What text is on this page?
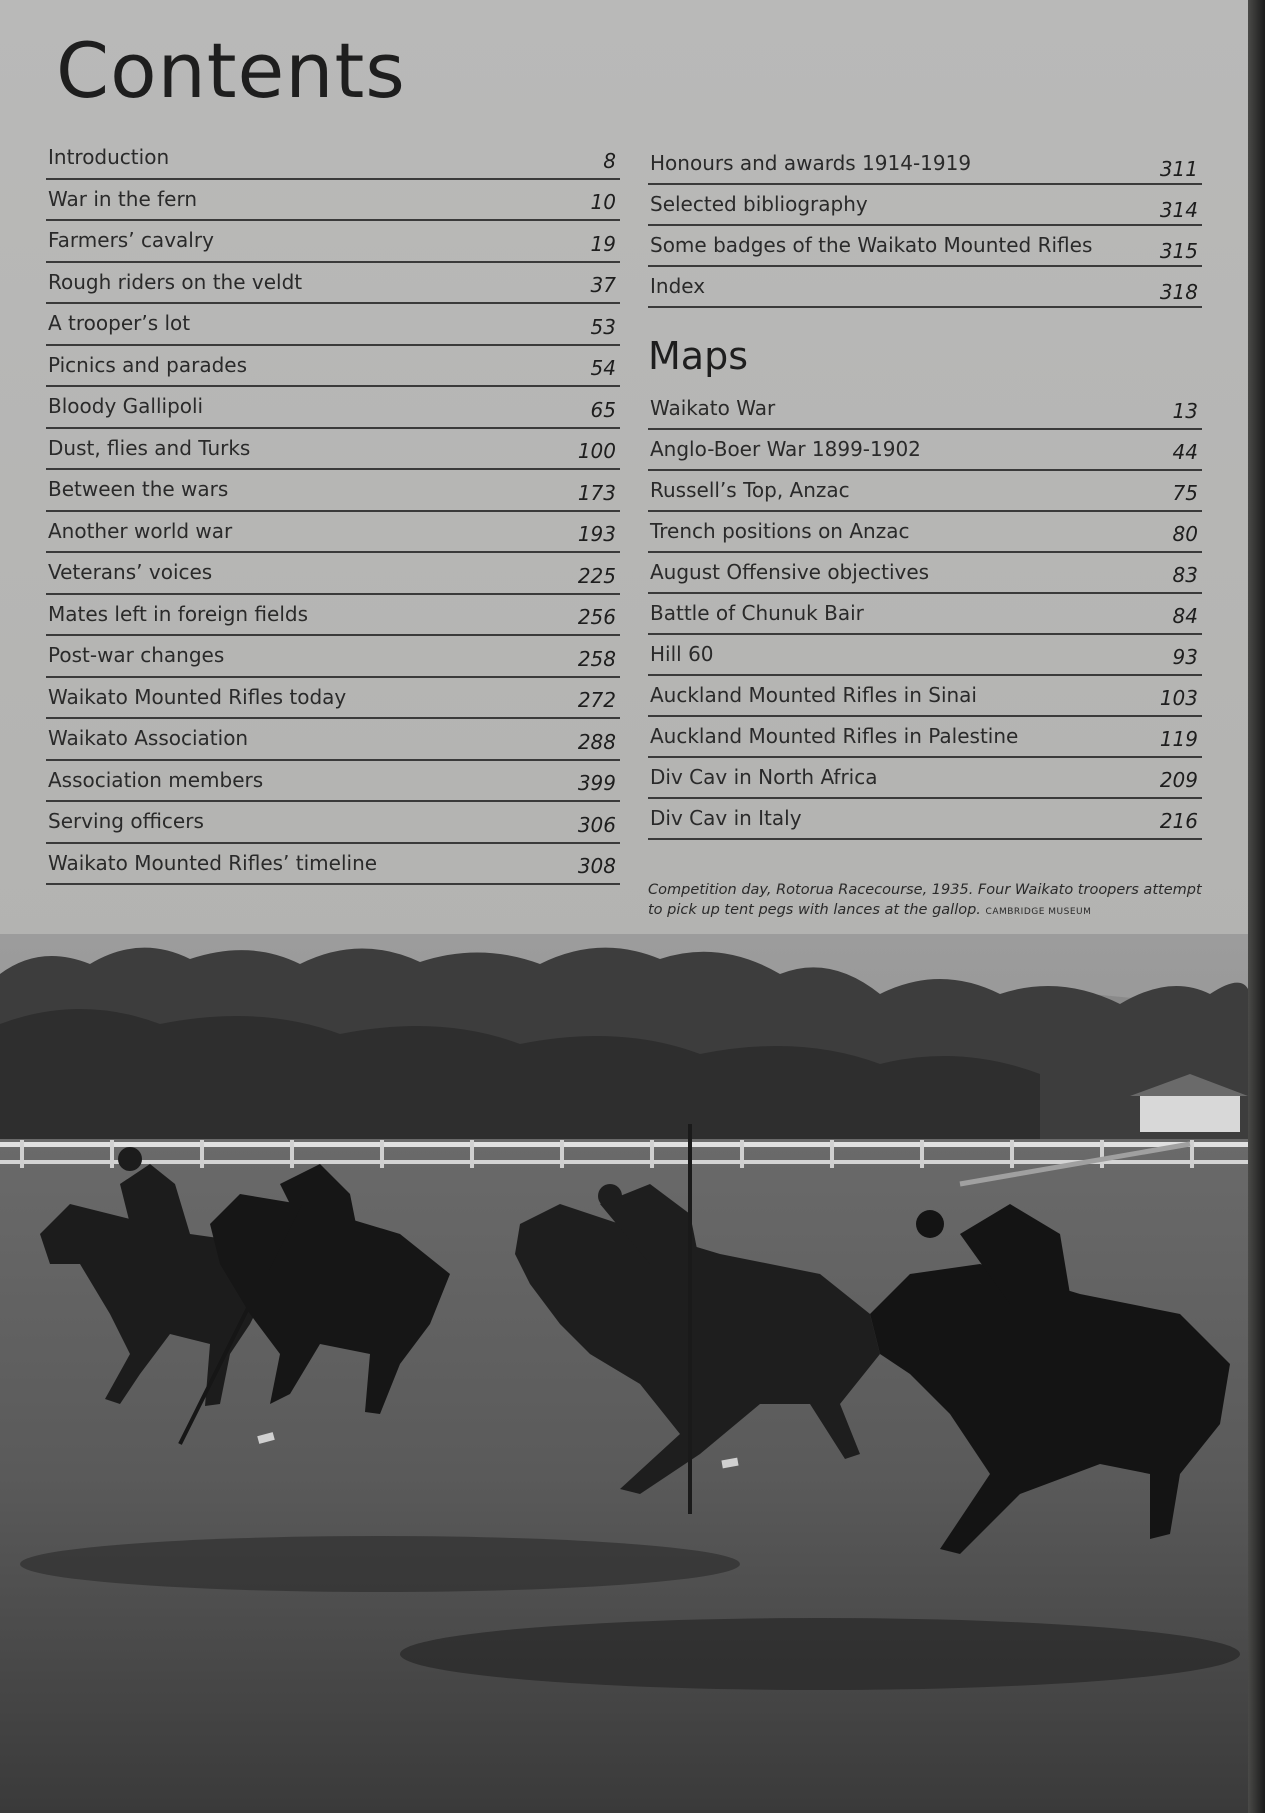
Contents
Introduction	8
War in the fern	10
Farmers’ cavalry	19
Rough riders on the veldt	37
A trooper’s lot	53
Picnics and parades	54
Bloody Gallipoli	65
Dust, flies and Turks	100
Between the wars	173
Another world war	193
Veterans’ voices	225
Mates left in foreign fields	256
Post-war changes	258
Waikato Mounted Rifles today	272
Waikato Association	288
Association members	399
Serving officers	306
Waikato Mounted Rifles’ timeline	308
Honours and awards 1914-1919	311
Selected bibliography	314
Some badges of the Waikato Mounted Rifles	315
Index	318
Maps
Waikato War	13
Anglo-Boer War 1899-1902	44
Russell’s Top, Anzac	75
Trench positions on Anzac	80
August Offensive objectives	83
Battle of Chunuk Bair	84
Hill 60	93
Auckland Mounted Rifles in Sinai	103
Auckland Mounted Rifles in Palestine	119
Div Cav in North Africa	209
Div Cav in Italy	216
Competition day, Rotorua Racecourse, 1935. Four Waikato troopers attempt to pick up tent pegs with lances at the gallop. CAMBRIDGE MUSEUM
